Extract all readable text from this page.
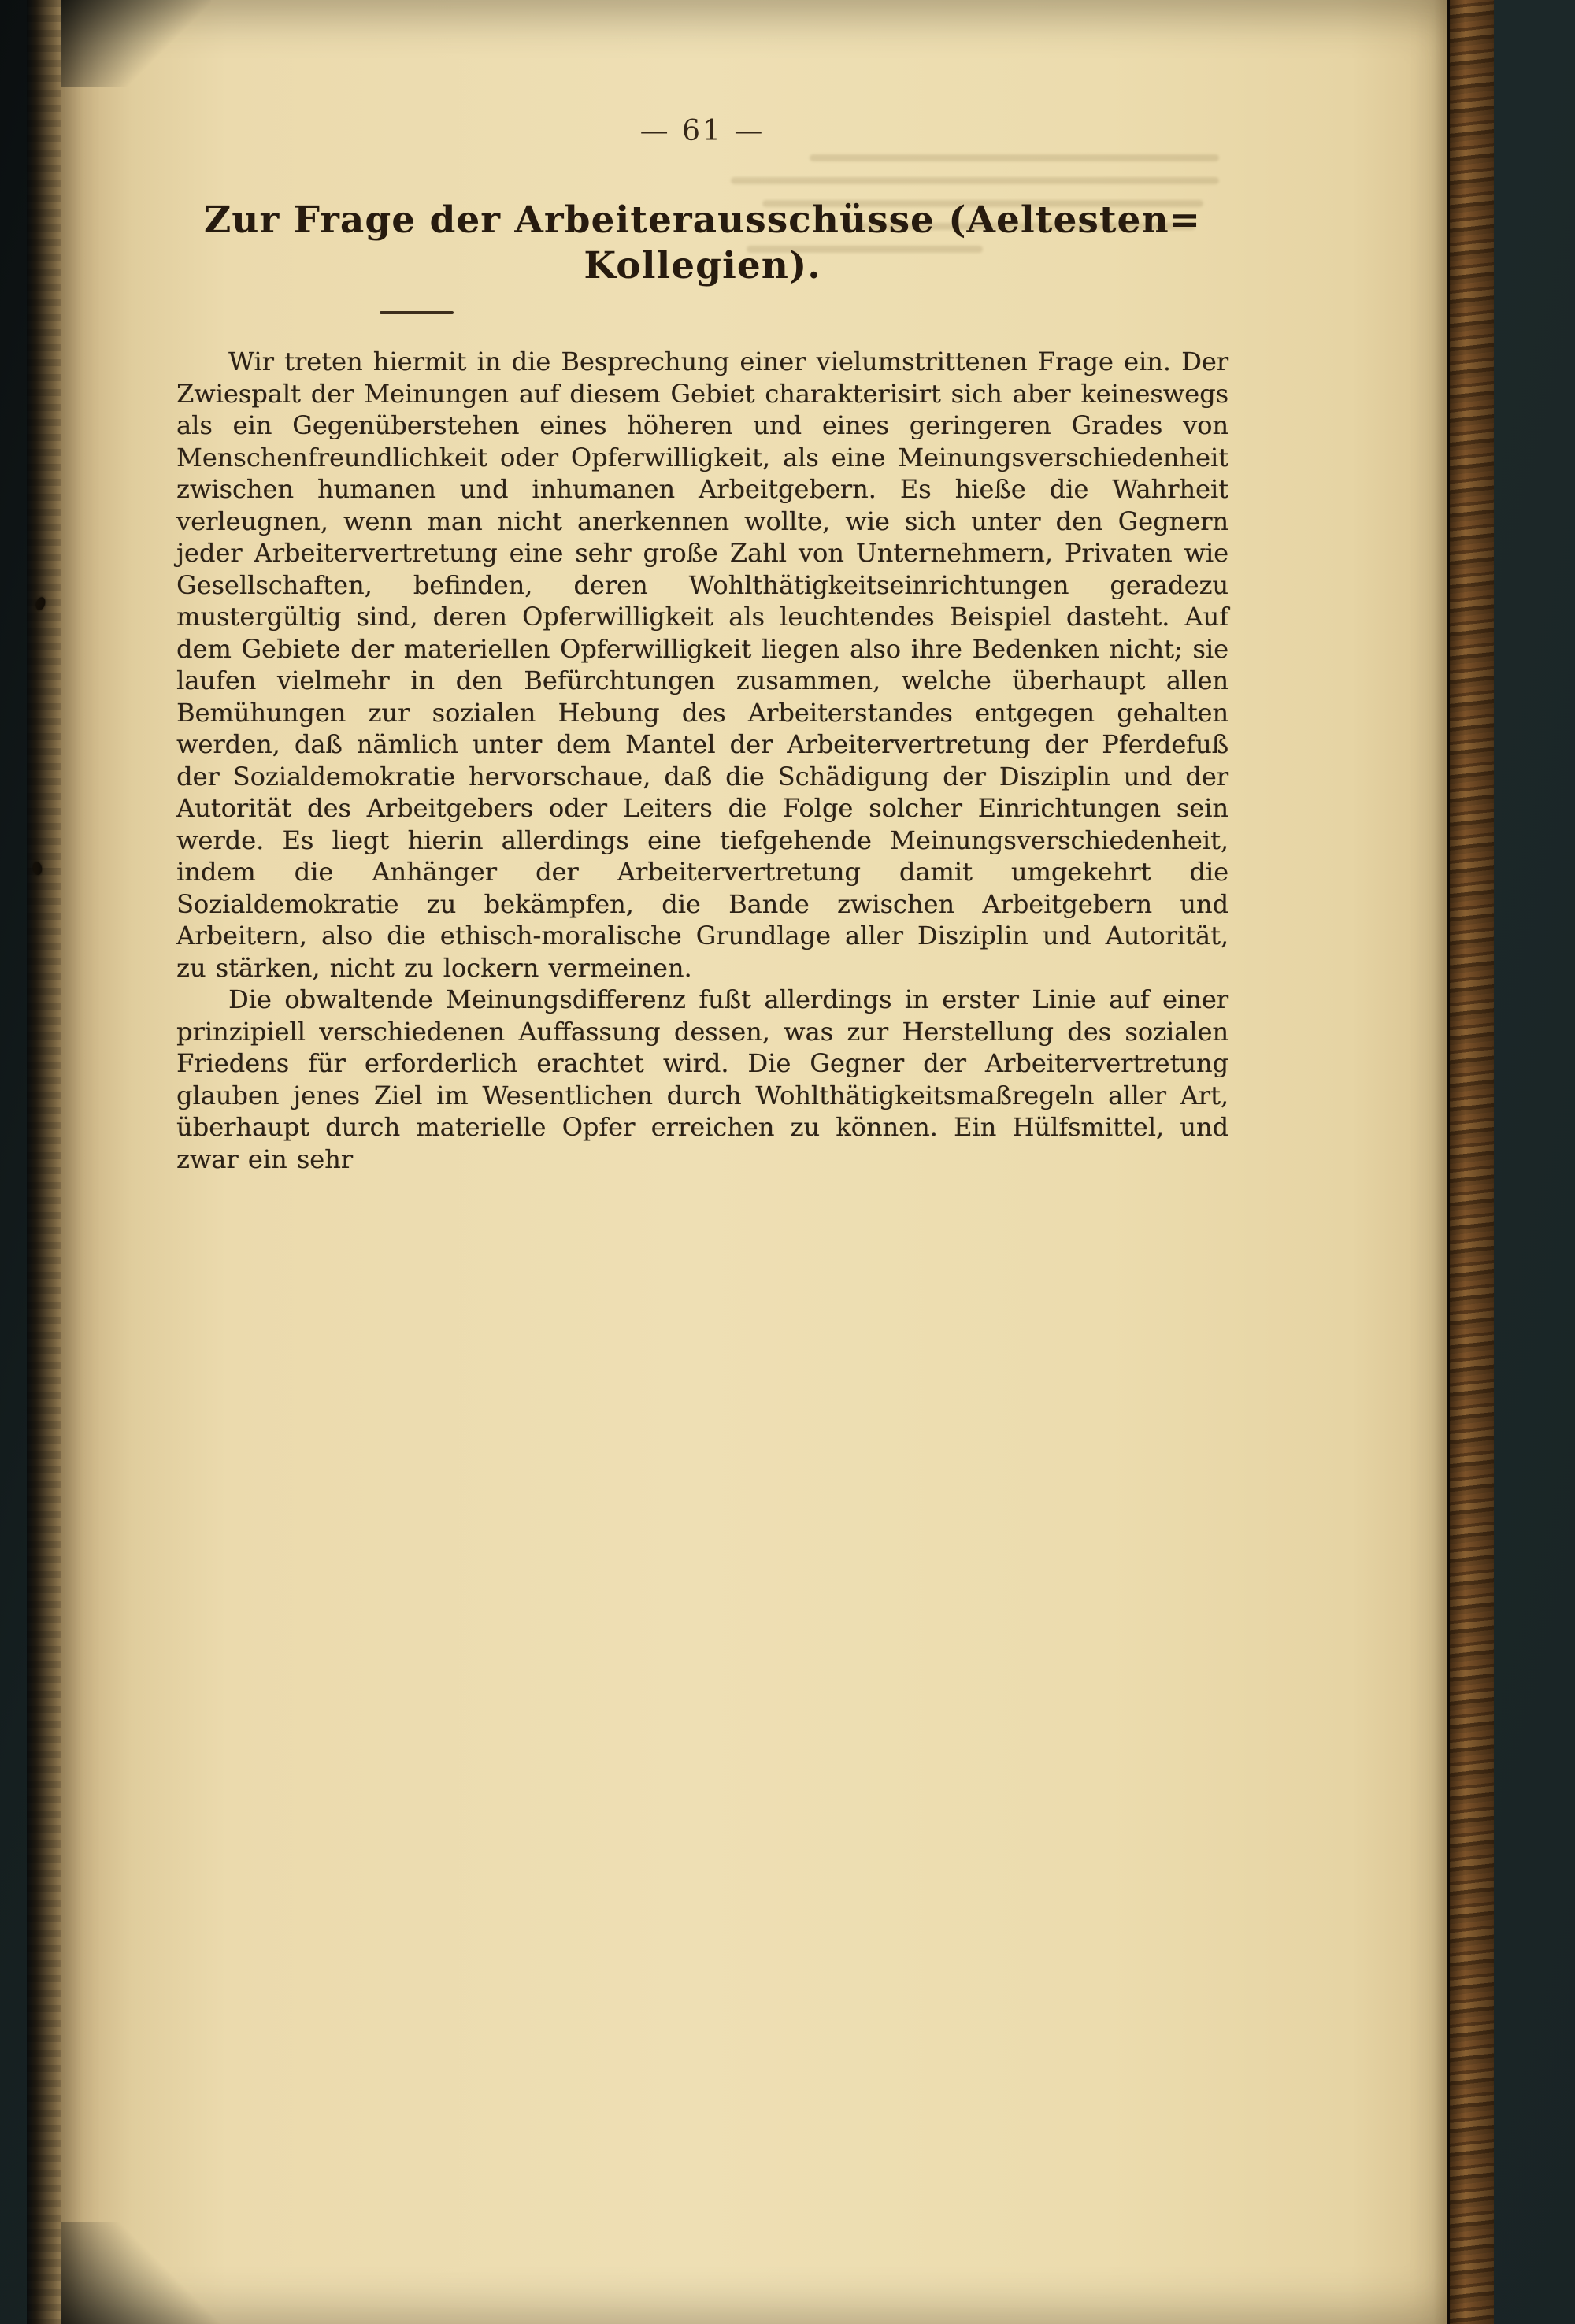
— 61 —
Zur Frage der Arbeiterausschüsse (Aeltesten=
Kollegien).

Wir treten hiermit in die Besprechung einer vielumstrittenen Frage ein. Der Zwiespalt der Meinungen auf diesem Gebiet charakterisirt sich aber keineswegs als ein Gegenüberstehen eines höheren und eines geringeren Grades von Menschenfreundlichkeit oder Opferwilligkeit, als eine Meinungsverschiedenheit zwischen humanen und inhumanen Arbeitgebern. Es hieße die Wahrheit verleugnen, wenn man nicht anerkennen wollte, wie sich unter den Gegnern jeder Arbeitervertretung eine sehr große Zahl von Unternehmern, Privaten wie Gesellschaften, befinden, deren Wohlthätigkeitseinrichtungen geradezu mustergültig sind, deren Opferwilligkeit als leuchtendes Beispiel dasteht. Auf dem Gebiete der materiellen Opferwilligkeit liegen also ihre Bedenken nicht; sie laufen vielmehr in den Befürchtungen zusammen, welche überhaupt allen Bemühungen zur sozialen Hebung des Arbeiterstandes entgegen gehalten werden, daß nämlich unter dem Mantel der Arbeitervertretung der Pferdefuß der Sozialdemokratie hervorschaue, daß die Schädigung der Disziplin und der Autorität des Arbeitgebers oder Leiters die Folge solcher Einrichtungen sein werde. Es liegt hierin allerdings eine tiefgehende Meinungsverschiedenheit, indem die Anhänger der Arbeitervertretung damit umgekehrt die Sozialdemokratie zu bekämpfen, die Bande zwischen Arbeitgebern und Arbeitern, also die ethisch-moralische Grundlage aller Disziplin und Autorität, zu stärken, nicht zu lockern vermeinen.

Die obwaltende Meinungsdifferenz fußt allerdings in erster Linie auf einer prinzipiell verschiedenen Auffassung dessen, was zur Herstellung des sozialen Friedens für erforderlich erachtet wird. Die Gegner der Arbeitervertretung glauben jenes Ziel im Wesentlichen durch Wohlthätigkeitsmaßregeln aller Art, überhaupt durch materielle Opfer erreichen zu können. Ein Hülfsmittel, und zwar ein sehr
